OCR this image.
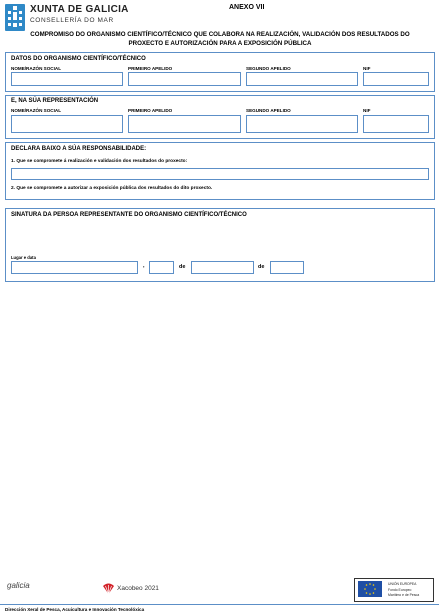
XUNTA DE GALICIA
CONSELLERÍA DO MAR
ANEXO VII
COMPROMISO DO ORGANISMO CIENTÍFICO/TÉCNICO QUE COLABORA NA REALIZACIÓN, VALIDACIÓN DOS RESULTADOS DO
PROXECTO E AUTORIZACIÓN PARA A EXPOSICIÓN PÚBLICA
DATOS DO ORGANISMO CIENTÍFICO/TÉCNICO
NOME/RAZÓN SOCIAL	PRIMEIRO APELIDO	SEGUNDO APELIDO	NIF
E, NA SÚA REPRESENTACIÓN
NOME/RAZÓN SOCIAL	PRIMEIRO APELIDO	SEGUNDO APELIDO	NIF
DECLARA BAIXO A SÚA RESPONSABILIDADE:
1. Que se compromete á realización e validación dos resultados do proxecto:
2. Que se compromete a autorizar a exposición pública dos resultados do dito proxecto.
SINATURA DA PERSOA REPRESENTANTE DO ORGANISMO CIENTÍFICO/TÉCNICO
Lugar e data
,	de	de
galicia	Xacobeo 2021
UNIÓN EUROPEA
Fondo Europeo
Marítimo e de Pesca
Dirección Xeral de Pesca, Acuicultura e Innovación Tecnolóxica
